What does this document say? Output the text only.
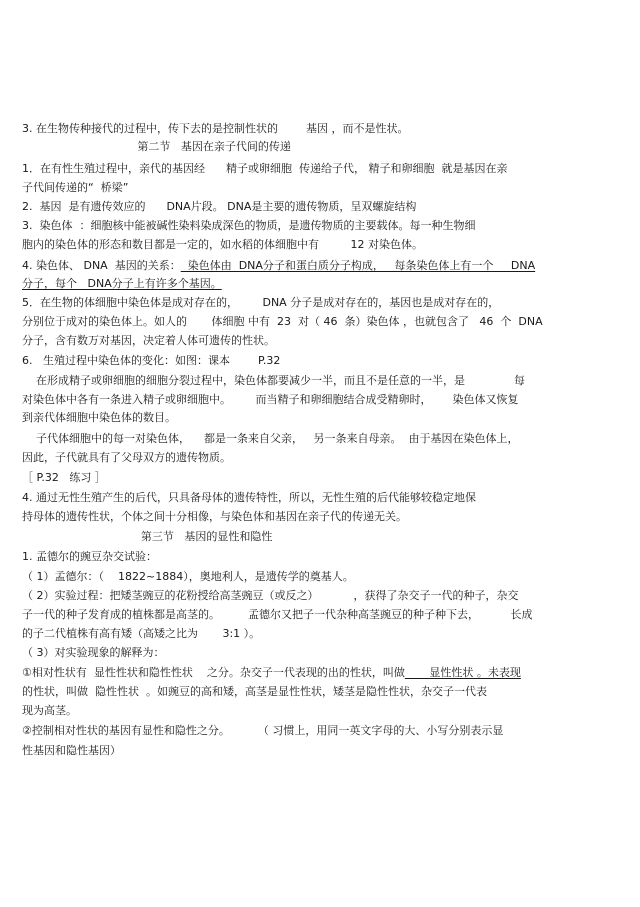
3. 在生物传种接代的过程中，传下去的是控制性状的        基因 ，而不是性状。
第二节   基因在亲子代间的传递
1．在有性生殖过程中，亲代的基因经      精子或卵细胞  传递给子代， 精子和卵细胞  就是基因在亲
子代间传递的“  桥梁”
2.  基因  是有遗传效应的      DNA片段。 DNA是主要的遗传物质，呈双螺旋结构
3.  染色体  ：细胞核中能被碱性染料染成深色的物质，是遗传物质的主要载体。每一种生物细
胞内的染色体的形态和数目都是一定的，如水稻的体细胞中有         12 对染色体。
4. 染色体、 DNA  基因的关系：  染色体由  DNA分子和蛋白质分子构成，   每条染色体上有一个     DNA
分子，每个   DNA分子上有许多个基因。
5．在生物的体细胞中染色体是成对存在的，       DNA 分子是成对存在的，基因也是成对存在的，
分别位于成对的染色体上。如人的       体细胞 中有  23  对（ 46  条）染色体 ，也就包含了   46  个  DNA
分子，含有数万对基因，决定着人体可遗传的性状。
6.   生殖过程中染色体的变化：如图：课本        P.32
在形成精子或卵细胞的细胞分裂过程中，染色体都要减少一半，而且不是任意的一半，是              每
对染色体中各有一条进入精子或卵细胞中。       而当精子和卵细胞结合成受精卵时，      染色体又恢复
到亲代体细胞中染色体的数目。
子代体细胞中的每一对染色体，    都是一条来自父亲，   另一条来自母亲。  由于基因在染色体上，
因此，子代就具有了父母双方的遗传物质。
［ P.32   练习 ］
4. 通过无性生殖产生的后代，只具备母体的遗传特性，所以，无性生殖的后代能够较稳定地保
持母体的遗传性状，个体之间十分相像，与染色体和基因在亲子代的传递无关。
第三节   基因的显性和隐性
1. 孟德尔的豌豆杂交试验：
（ 1）孟德尔：（    1822~1884），奥地利人，是遗传学的奠基人。
（ 2）实验过程：把矮茎豌豆的花粉授给高茎豌豆（或反之）          ，获得了杂交子一代的种子，杂交
子一代的种子发育成的植株都是高茎的。        孟德尔又把子一代杂种高茎豌豆的种子种下去，         长成
的子二代植株有高有矮（高矮之比为       3:1 ）。
（ 3）对实验现象的解释为：
①相对性状有  显性性状和隐性性状    之分。杂交子一代表现的出的性状，叫做       显性性状 。未表现
的性状，叫做  隐性性状  。如豌豆的高和矮，高茎是显性性状，矮茎是隐性性状，杂交子一代表
现为高茎。
②控制相对性状的基因有显性和隐性之分。        （ 习惯上，用同一英文字母的大、小写分别表示显
性基因和隐性基因）
